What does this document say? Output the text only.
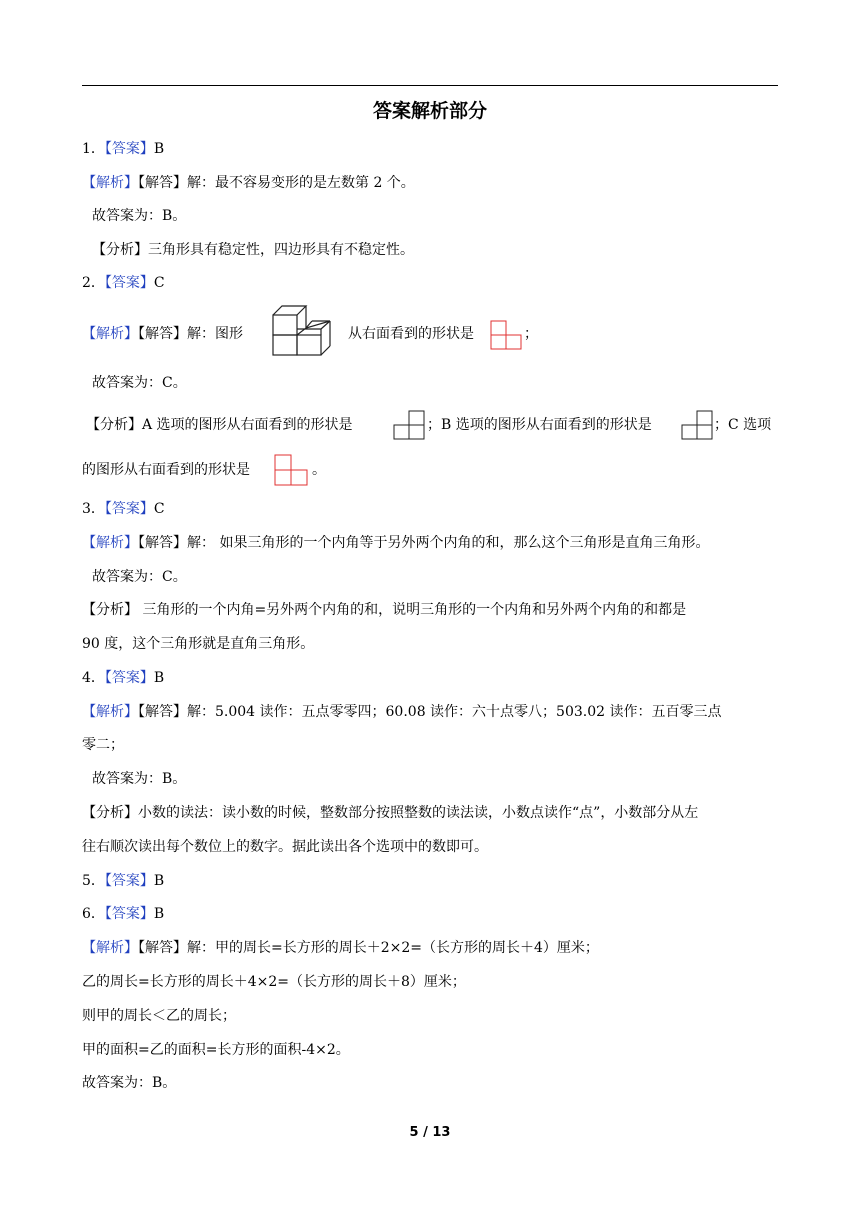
答案解析部分
1．【答案】B
【解析】【解答】解：最不容易变形的是左数第 2 个。
故答案为：B。
【分析】三角形具有稳定性，四边形具有不稳定性。
2．【答案】C
【解析】【解答】解：图形	从右面看到的形状是	；
故答案为：C。
【分析】A 选项的图形从右面看到的形状是	；B 选项的图形从右面看到的形状是	；C 选项
的图形从右面看到的形状是	。
3．【答案】C
【解析】【解答】解： 如果三角形的一个内角等于另外两个内角的和，那么这个三角形是直角三角形。
故答案为：C。
【分析】 三角形的一个内角=另外两个内角的和，说明三角形的一个内角和另外两个内角的和都是
90 度，这个三角形就是直角三角形。
4．【答案】B
【解析】【解答】解：5.004 读作：五点零零四；60.08 读作：六十点零八；503.02 读作：五百零三点
零二；
故答案为：B。
【分析】小数的读法：读小数的时候，整数部分按照整数的读法读，小数点读作“点”，小数部分从左
往右顺次读出每个数位上的数字。据此读出各个选项中的数即可。
5．【答案】B
6．【答案】B
【解析】【解答】解：甲的周长=长方形的周长＋2×2=（长方形的周长＋4）厘米；
乙的周长=长方形的周长＋4×2=（长方形的周长＋8）厘米；
则甲的周长＜乙的周长；
甲的面积=乙的面积=长方形的面积-4×2。
故答案为：B。
5 / 13
